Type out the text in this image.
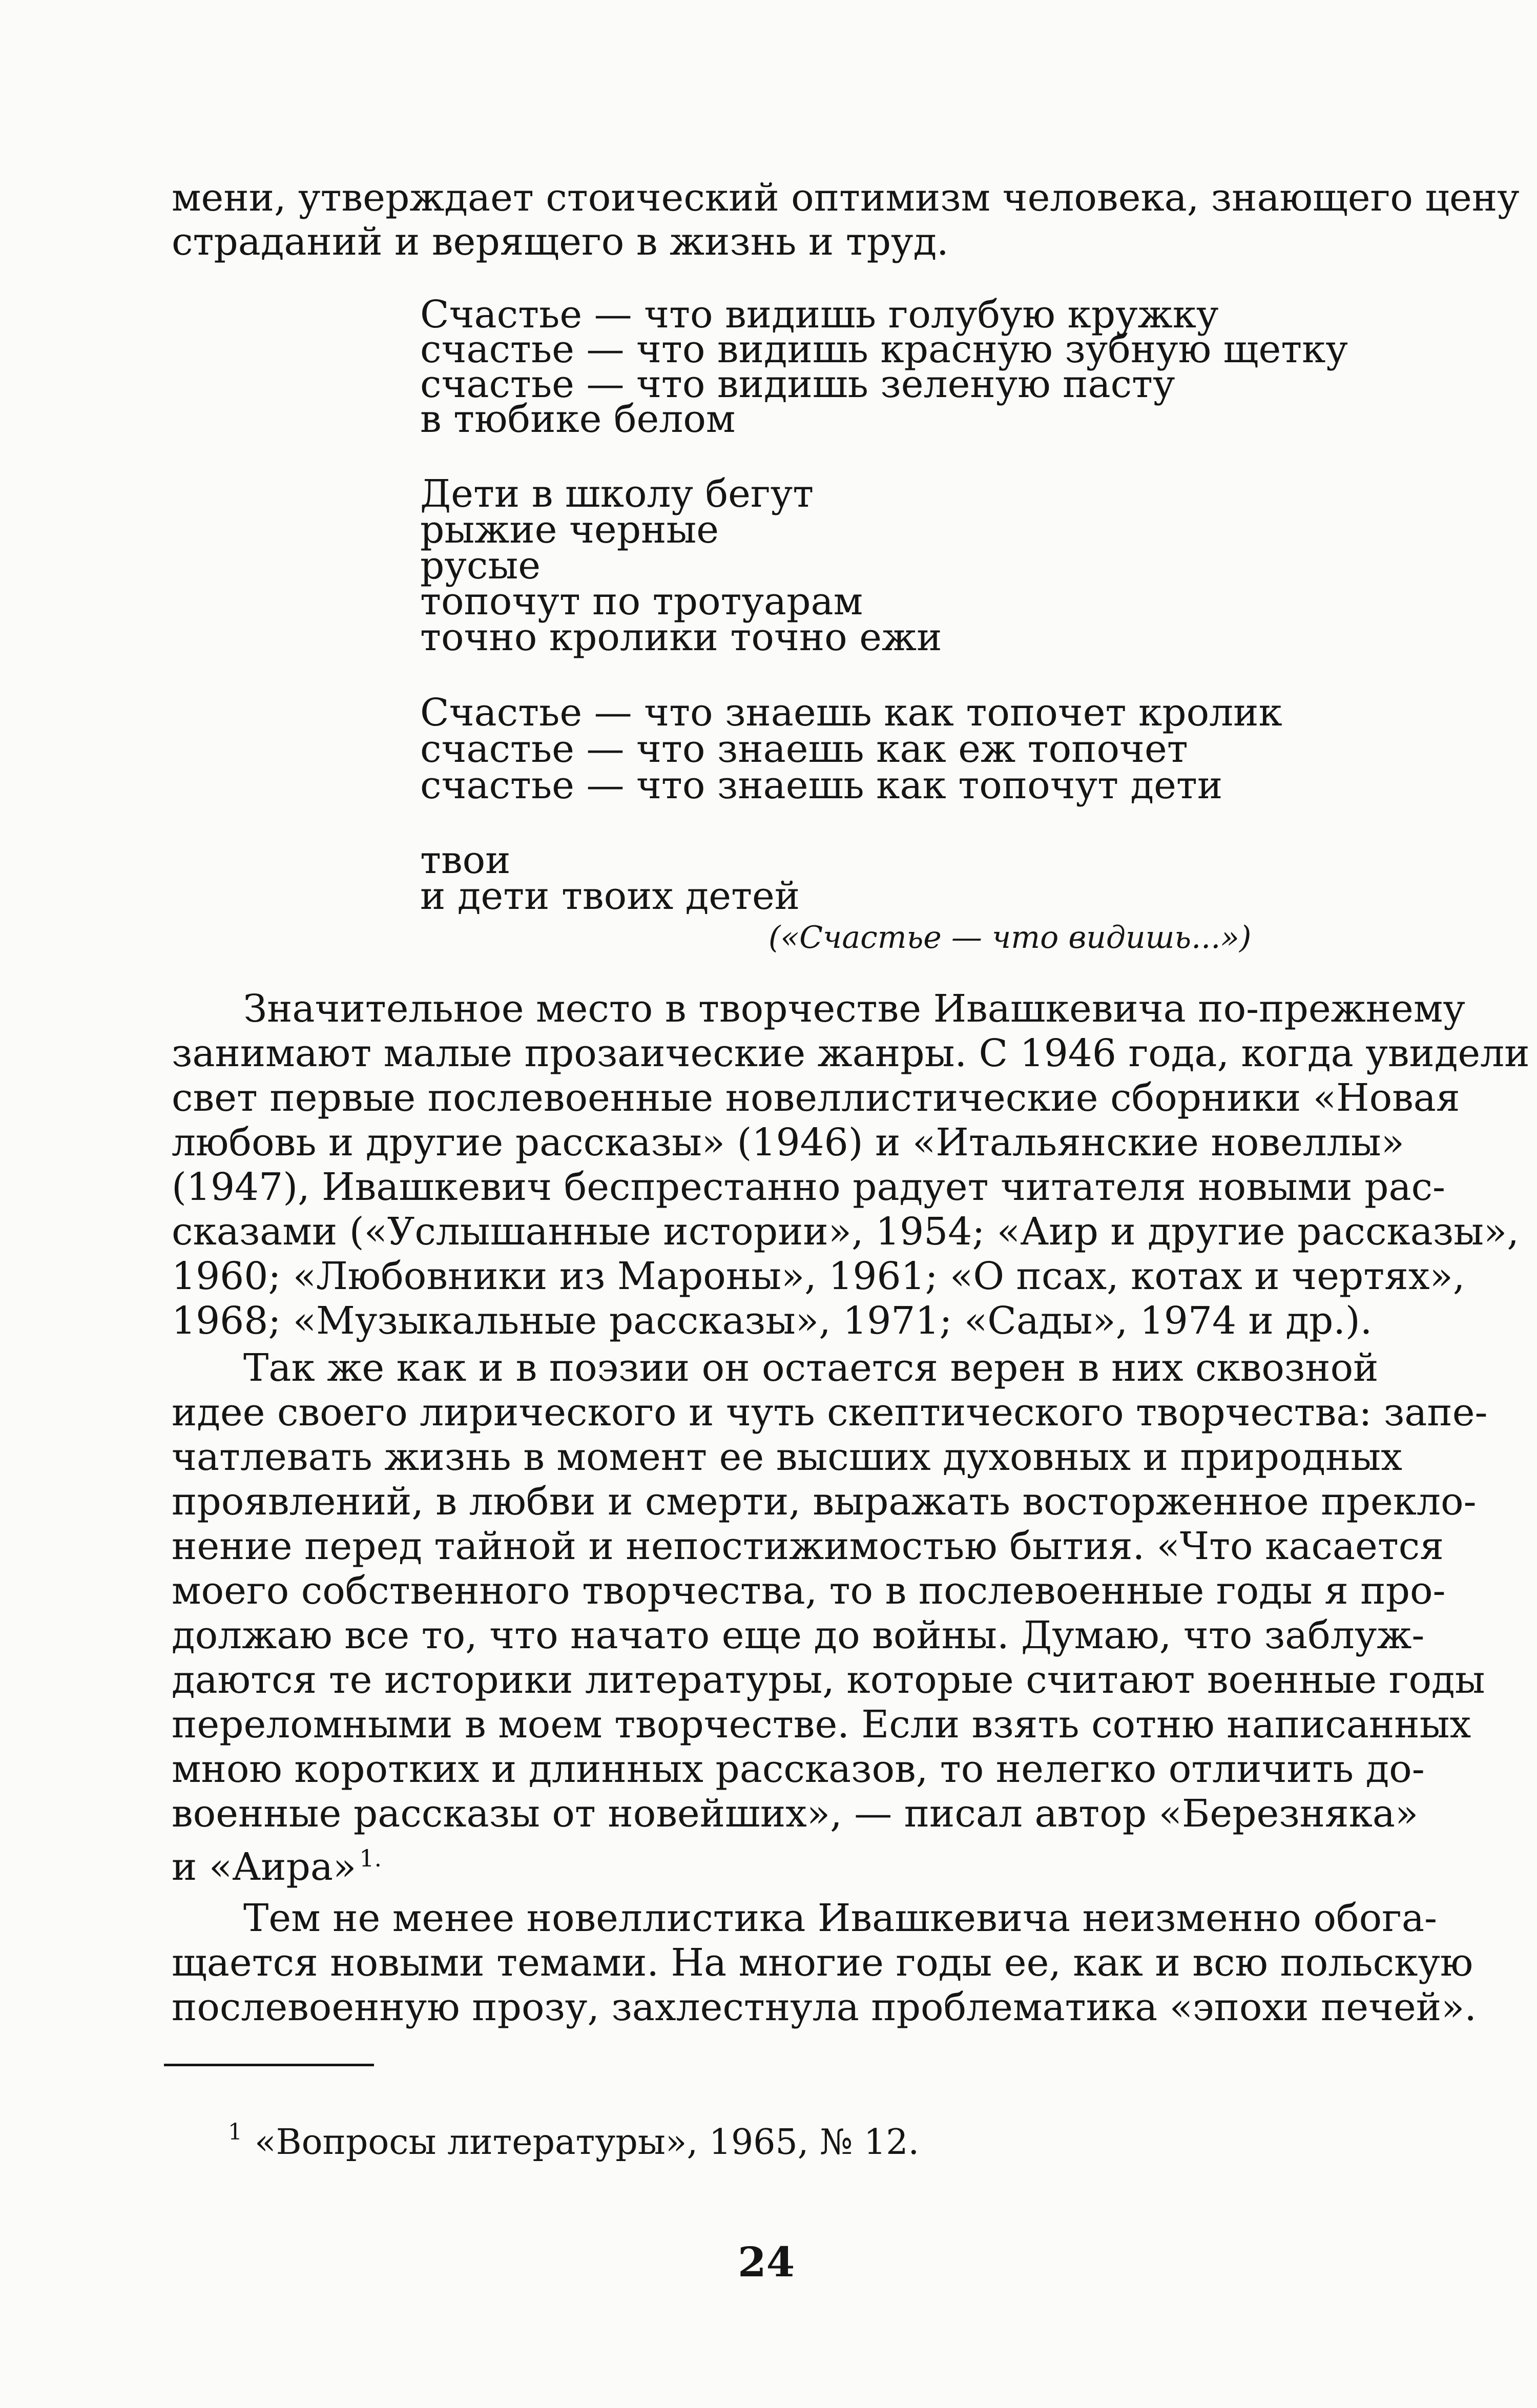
мени, утверждает стоический оптимизм человека, знающего цену
страданий и верящего в жизнь и труд.
Счастье — что видишь голубую кружку
счастье — что видишь красную зубную щетку
счастье — что видишь зеленую пасту
в тюбике белом
Дети в школу бегут
рыжие черные
русые
топочут по тротуарам
точно кролики точно ежи
Счастье — что знаешь как топочет кролик
счастье — что знаешь как еж топочет
счастье — что знаешь как топочут дети
твои
и дети твоих детей
(«Счастье — что видишь...»)
Значительное место в творчестве Ивашкевича по-прежнему
занимают малые прозаические жанры. С 1946 года, когда увидели
свет первые послевоенные новеллистические сборники «Новая
любовь и другие рассказы» (1946) и «Итальянские новеллы»
(1947), Ивашкевич беспрестанно радует читателя новыми рас-
сказами («Услышанные истории», 1954; «Аир и другие рассказы»,
1960; «Любовники из Мароны», 1961; «О псах, котах и чертях»,
1968; «Музыкальные рассказы», 1971; «Сады», 1974 и др.).
Так же как и в поэзии он остается верен в них сквозной
идее своего лирического и чуть скептического творчества: запе-
чатлевать жизнь в момент ее высших духовных и природных
проявлений, в любви и смерти, выражать восторженное прекло-
нение перед тайной и непостижимостью бытия. «Что касается
моего собственного творчества, то в послевоенные годы я про-
должаю все то, что начато еще до войны. Думаю, что заблуж-
даются те историки литературы, которые считают военные годы
переломными в моем творчестве. Если взять сотню написанных
мною коротких и длинных рассказов, то нелегко отличить до-
военные рассказы от новейших», — писал автор «Березняка»
и «Аира» $^{1.}$
Тем не менее новеллистика Ивашкевича неизменно обога-
щается новыми темами. На многие годы ее, как и всю польскую
послевоенную прозу, захлестнула проблематика «эпохи печей».
$^1$ «Вопросы литературы», 1965, № 12.
24
